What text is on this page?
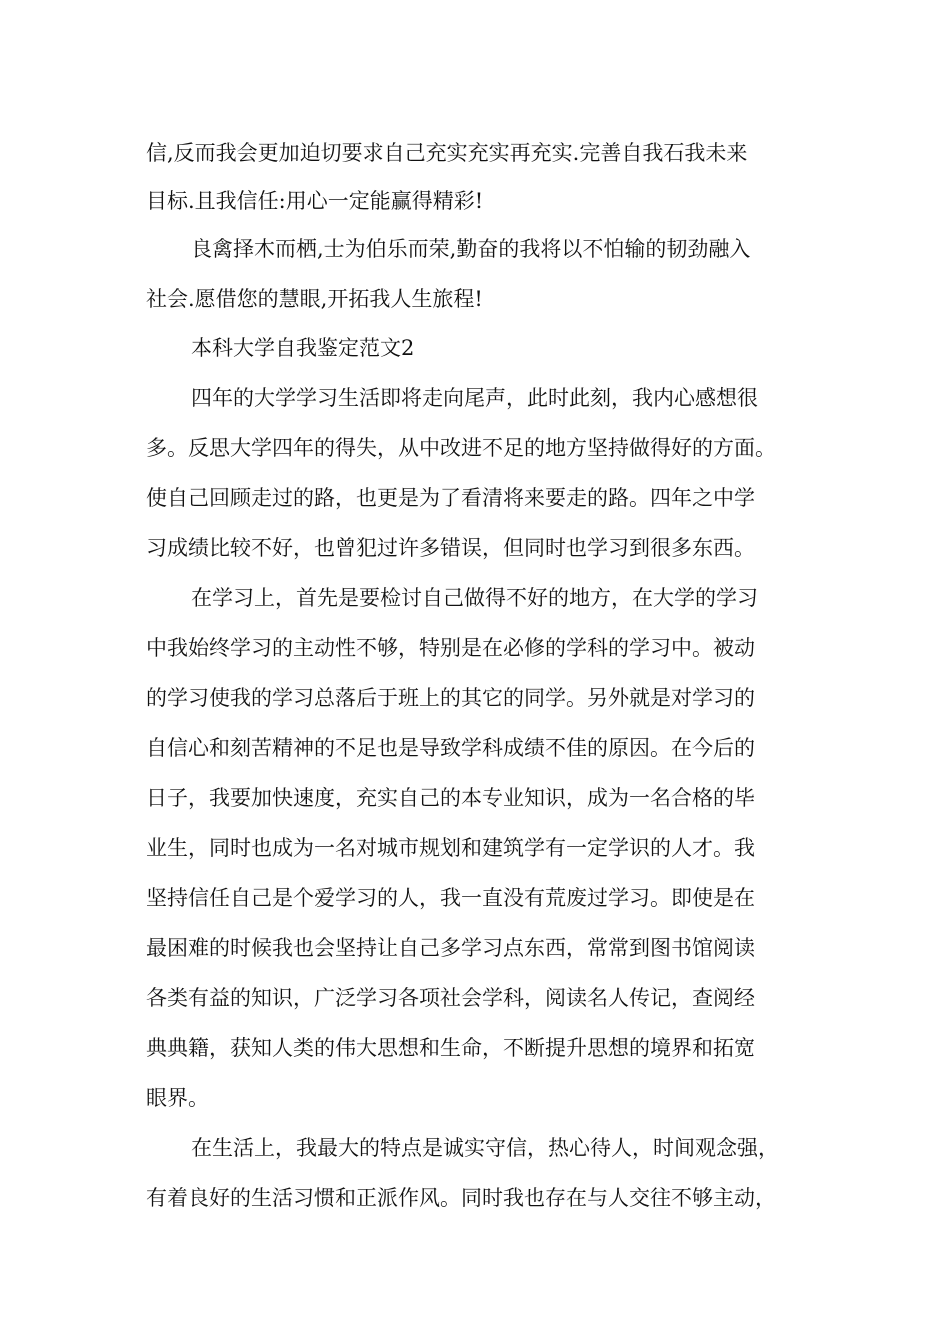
信,反而我会更加迫切要求自己充实充实再充实.完善自我石我未来

目标.且我信任:用心一定能赢得精彩!

良禽择木而栖,士为伯乐而荣,勤奋的我将以不怕输的韧劲融入

社会.愿借您的慧眼,开拓我人生旅程!

本科大学自我鉴定范文2

四年的大学学习生活即将走向尾声，此时此刻，我内心感想很

多。反思大学四年的得失，从中改进不足的地方坚持做得好的方面。

使自己回顾走过的路，也更是为了看清将来要走的路。四年之中学

习成绩比较不好，也曾犯过许多错误，但同时也学习到很多东西。

在学习上，首先是要检讨自己做得不好的地方，在大学的学习

中我始终学习的主动性不够，特别是在必修的学科的学习中。被动

的学习使我的学习总落后于班上的其它的同学。另外就是对学习的

自信心和刻苦精神的不足也是导致学科成绩不佳的原因。在今后的

日子，我要加快速度，充实自己的本专业知识，成为一名合格的毕

业生，同时也成为一名对城市规划和建筑学有一定学识的人才。我

坚持信任自己是个爱学习的人，我一直没有荒废过学习。即使是在

最困难的时候我也会坚持让自己多学习点东西，常常到图书馆阅读

各类有益的知识，广泛学习各项社会学科，阅读名人传记，查阅经

典典籍，获知人类的伟大思想和生命，不断提升思想的境界和拓宽

眼界。

在生活上，我最大的特点是诚实守信，热心待人，时间观念强，

有着良好的生活习惯和正派作风。同时我也存在与人交往不够主动，
